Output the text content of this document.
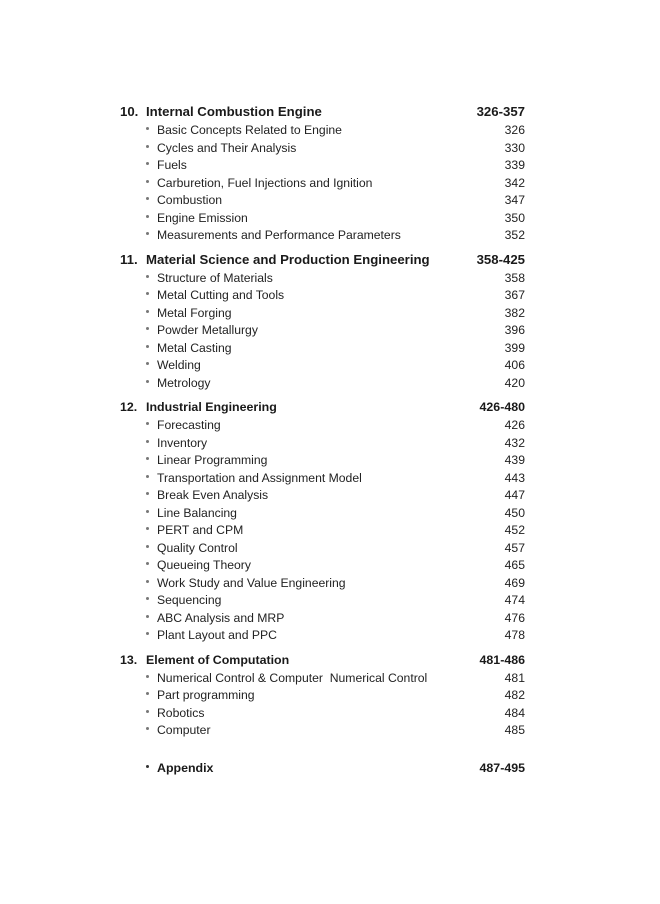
10. Internal Combustion Engine	326-357
Basic Concepts Related to Engine	326
Cycles and Their Analysis	330
Fuels	339
Carburetion, Fuel Injections and Ignition	342
Combustion	347
Engine Emission	350
Measurements and Performance Parameters	352
11. Material Science and Production Engineering	358-425
Structure of Materials	358
Metal Cutting and Tools	367
Metal Forging	382
Powder Metallurgy	396
Metal Casting	399
Welding	406
Metrology	420
12. Industrial Engineering	426-480
Forecasting	426
Inventory	432
Linear Programming	439
Transportation and Assignment Model	443
Break Even Analysis	447
Line Balancing	450
PERT and CPM	452
Quality Control	457
Queueing Theory	465
Work Study and Value Engineering	469
Sequencing	474
ABC Analysis and MRP	476
Plant Layout and PPC	478
13. Element of Computation	481-486
Numerical Control & Computer  Numerical Control	481
Part programming	482
Robotics	484
Computer	485
Appendix	487-495
